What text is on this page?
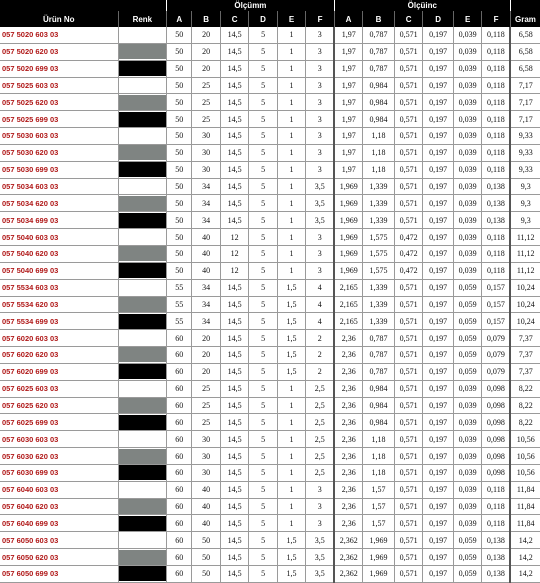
		Ölçümm						Ölçüinc						
Ürün No	Renk	A	B	C	D	E	F	A	B	C	D	E	F	Gram
057 5020 603 03		50	20	14,5	5	1	3	1,97	0,787	0,571	0,197	0,039	0,118	6,58
057 5020 620 03		50	20	14,5	5	1	3	1,97	0,787	0,571	0,197	0,039	0,118	6,58
057 5020 699 03		50	20	14,5	5	1	3	1,97	0,787	0,571	0,197	0,039	0,118	6,58
057 5025 603 03		50	25	14,5	5	1	3	1,97	0,984	0,571	0,197	0,039	0,118	7,17
057 5025 620 03		50	25	14,5	5	1	3	1,97	0,984	0,571	0,197	0,039	0,118	7,17
057 5025 699 03		50	25	14,5	5	1	3	1,97	0,984	0,571	0,197	0,039	0,118	7,17
057 5030 603 03		50	30	14,5	5	1	3	1,97	1,18	0,571	0,197	0,039	0,118	9,33
057 5030 620 03		50	30	14,5	5	1	3	1,97	1,18	0,571	0,197	0,039	0,118	9,33
057 5030 699 03		50	30	14,5	5	1	3	1,97	1,18	0,571	0,197	0,039	0,118	9,33
057 5034 603 03		50	34	14,5	5	1	3,5	1,969	1,339	0,571	0,197	0,039	0,138	9,3
057 5034 620 03		50	34	14,5	5	1	3,5	1,969	1,339	0,571	0,197	0,039	0,138	9,3
057 5034 699 03		50	34	14,5	5	1	3,5	1,969	1,339	0,571	0,197	0,039	0,138	9,3
057 5040 603 03		50	40	12	5	1	3	1,969	1,575	0,472	0,197	0,039	0,118	11,12
057 5040 620 03		50	40	12	5	1	3	1,969	1,575	0,472	0,197	0,039	0,118	11,12
057 5040 699 03		50	40	12	5	1	3	1,969	1,575	0,472	0,197	0,039	0,118	11,12
057 5534 603 03		55	34	14,5	5	1,5	4	2,165	1,339	0,571	0,197	0,059	0,157	10,24
057 5534 620 03		55	34	14,5	5	1,5	4	2,165	1,339	0,571	0,197	0,059	0,157	10,24
057 5534 699 03		55	34	14,5	5	1,5	4	2,165	1,339	0,571	0,197	0,059	0,157	10,24
057 6020 603 03		60	20	14,5	5	1,5	2	2,36	0,787	0,571	0,197	0,059	0,079	7,37
057 6020 620 03		60	20	14,5	5	1,5	2	2,36	0,787	0,571	0,197	0,059	0,079	7,37
057 6020 699 03		60	20	14,5	5	1,5	2	2,36	0,787	0,571	0,197	0,059	0,079	7,37
057 6025 603 03		60	25	14,5	5	1	2,5	2,36	0,984	0,571	0,197	0,039	0,098	8,22
057 6025 620 03		60	25	14,5	5	1	2,5	2,36	0,984	0,571	0,197	0,039	0,098	8,22
057 6025 699 03		60	25	14,5	5	1	2,5	2,36	0,984	0,571	0,197	0,039	0,098	8,22
057 6030 603 03		60	30	14,5	5	1	2,5	2,36	1,18	0,571	0,197	0,039	0,098	10,56
057 6030 620 03		60	30	14,5	5	1	2,5	2,36	1,18	0,571	0,197	0,039	0,098	10,56
057 6030 699 03		60	30	14,5	5	1	2,5	2,36	1,18	0,571	0,197	0,039	0,098	10,56
057 6040 603 03		60	40	14,5	5	1	3	2,36	1,57	0,571	0,197	0,039	0,118	11,84
057 6040 620 03		60	40	14,5	5	1	3	2,36	1,57	0,571	0,197	0,039	0,118	11,84
057 6040 699 03		60	40	14,5	5	1	3	2,36	1,57	0,571	0,197	0,039	0,118	11,84
057 6050 603 03		60	50	14,5	5	1,5	3,5	2,362	1,969	0,571	0,197	0,059	0,138	14,2
057 6050 620 03		60	50	14,5	5	1,5	3,5	2,362	1,969	0,571	0,197	0,059	0,138	14,2
057 6050 699 03		60	50	14,5	5	1,5	3,5	2,362	1,969	0,571	0,197	0,059	0,138	14,2
